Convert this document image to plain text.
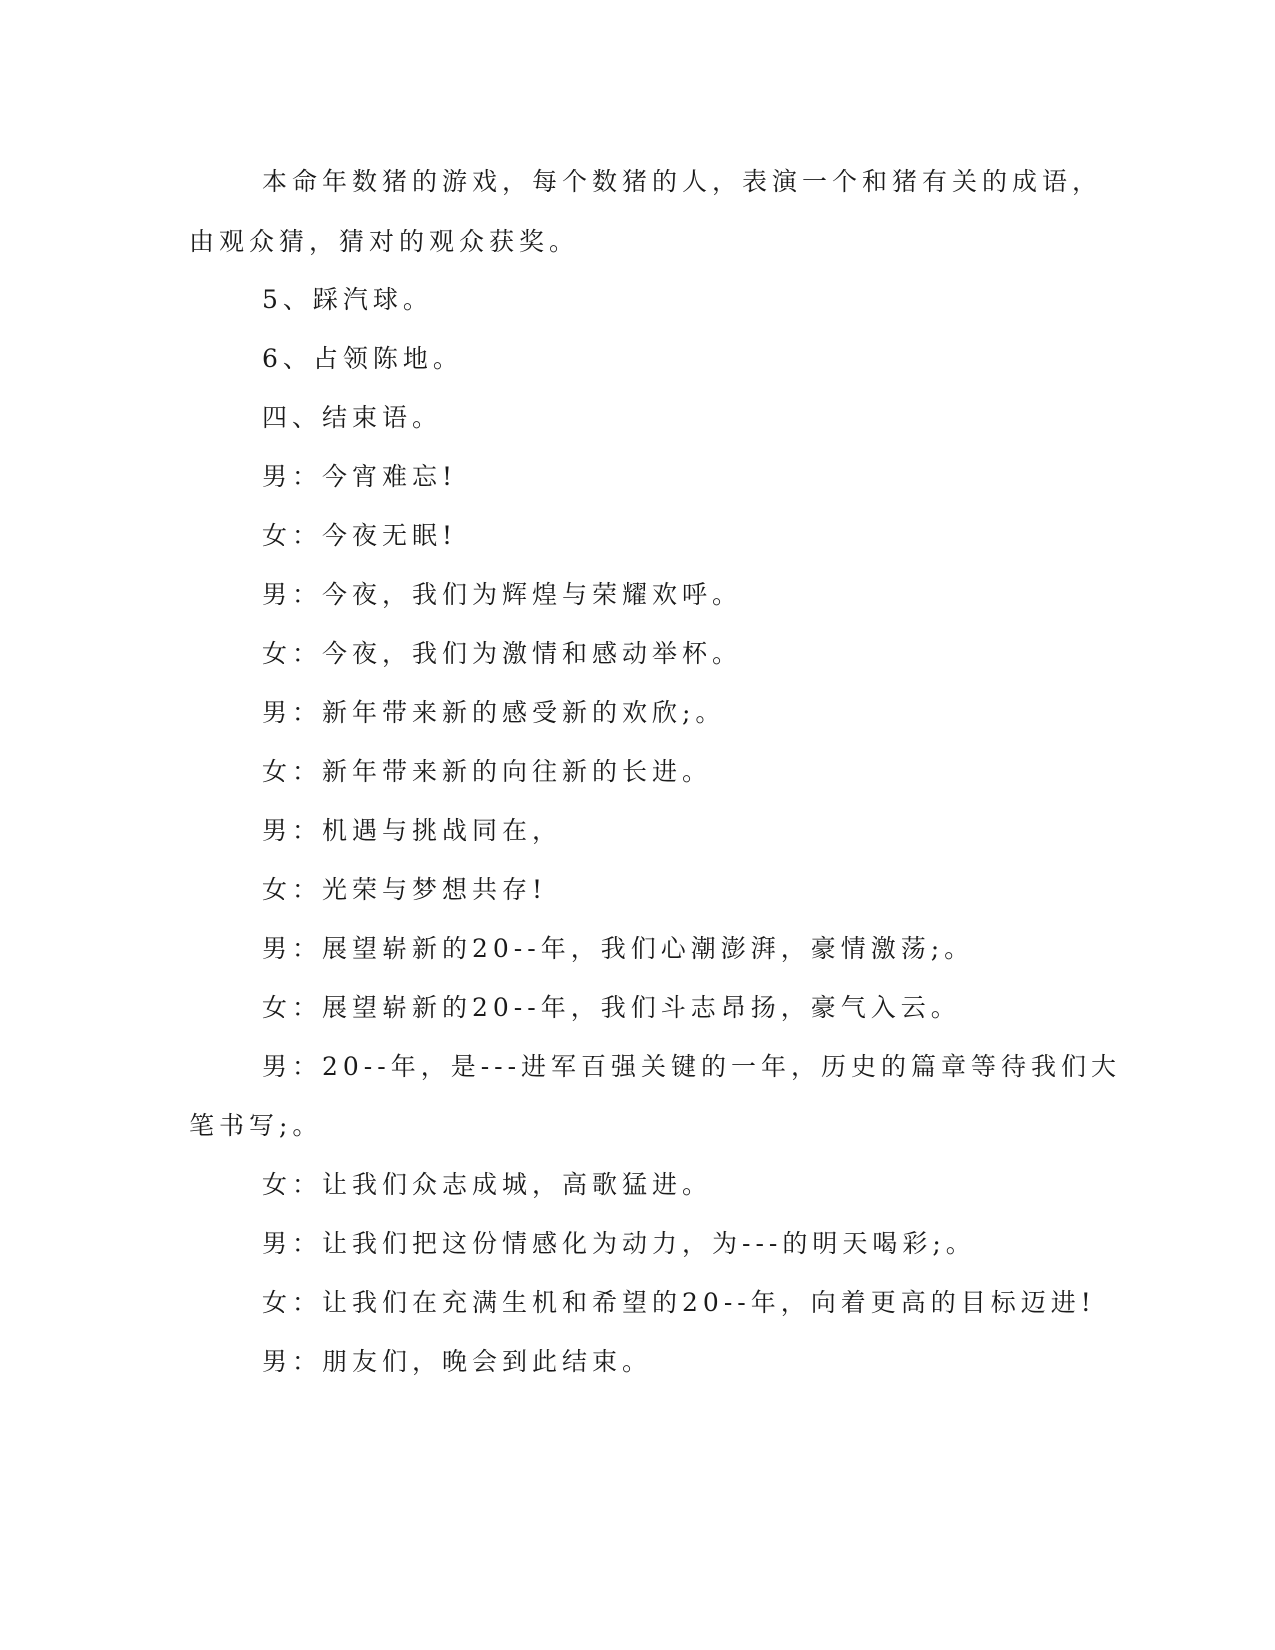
本命年数猪的游戏，每个数猪的人，表演一个和猪有关的成语，

由观众猜，猜对的观众获奖。

5、踩汽球。

6、占领陈地。

四、结束语。

男：今宵难忘!

女：今夜无眠!

男：今夜，我们为辉煌与荣耀欢呼。

女：今夜，我们为激情和感动举杯。

男：新年带来新的感受新的欢欣;。

女：新年带来新的向往新的长进。

男：机遇与挑战同在，

女：光荣与梦想共存!

男：展望崭新的20--年，我们心潮澎湃，豪情激荡;。

女：展望崭新的20--年，我们斗志昂扬，豪气入云。

男：20--年，是---进军百强关键的一年，历史的篇章等待我们大

笔书写;。

女：让我们众志成城，高歌猛进。

男：让我们把这份情感化为动力，为---的明天喝彩;。

女：让我们在充满生机和希望的20--年，向着更高的目标迈进!

男：朋友们，晚会到此结束。
